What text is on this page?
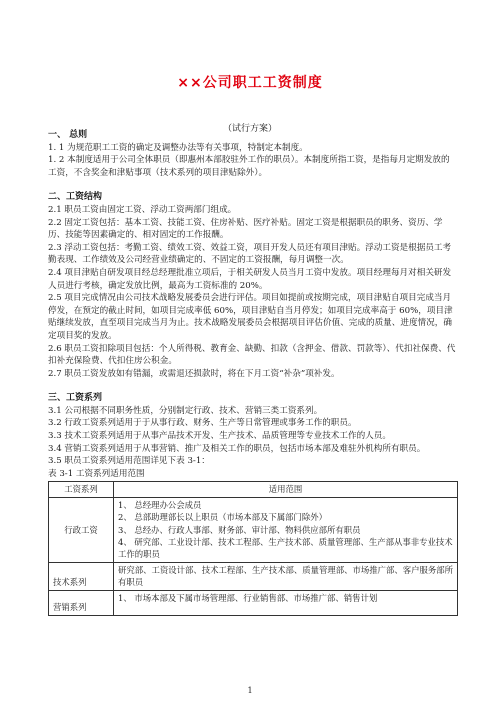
××公司职工工资制度
（试行方案）
一、 总则

1. 1 为规范职工工资的确定及调整办法等有关事项，特制定本制度。

1. 2 本制度适用于公司全体职员（即惠州本部胶驻外工作的职员）。本制度所指工资，是指每月定期发放的工资，不含奖金和津贴事项（技术系列的项目津贴除外）。

二、工资结构

2.1 职员工资由固定工资、浮动工资两部门组成。

2.2 固定工资包括：基本工资、技能工资、住房补贴、医疗补贴。固定工资是根据职员的职务、资历、学历、技能等因素确定的、相对固定的工作报酬。

2.3 浮动工资包括：考勤工资、绩效工资、效益工资，项目开发人员还有项目津贴。浮动工资是根据员工考勤表现、工作绩效及公司经营业绩确定的、不固定的工资报酬，每月调整一次。

2.4 项目津贴自研发项目经总经理批准立项后，于相关研发人员当月工资中发放。项目经理每月对相关研发人员进行考核，确定发放比例，最高为工资标准的 20%。

2.5 项目完成情况由公司技术战略发展委员会进行评估。项目如提前或按期完成，项目津贴自项目完成当月停发，在预定的截止时间，如项目完成率低 60%，项目津贴自当月停发；如项目完成率高于 60%，项目津贴继续发放，直至项目完成当月为止。技术战略发展委员会根据项目评估价值、完成的质量、进度情况，确定项目奖的发放。

2.6 职员工资扣除项目包括：个人所得税、教育金、缺勤、扣款（含押金、借款、罚款等）、代扣社保费、代扣补充保险费、代扣住房公积金。

2.7 职员工资发放如有错漏，或需退还损款时，将在下月工资“补杂”项补发。

三、工资系列

3.1 公司根据不同职务性质，分别制定行政、技术、营销三类工资系列。

3.2 行政工资系列适用于于从事行政、财务、生产等日常管理或事务工作的职员。

3.3 技术工资系列适用于从事产品技术开发、生产技术、品质管理等专业技术工作的人员。

3.4 营销工资系列适用于从事营销、推广及相关工作的职员，包括市场本部及难驻外机构所有职员。

3.5 职员工资系列适用范围详见下表 3-1：

表 3-1 工资系列适用范围
工资系列	适用范围
行政工资	1、 总经理办公会成员
2、 总部助理部长以上职员（市场本部及下属部门除外）
3、 总经办、行政人事部、财务部、审计部、物料供应部所有职员
4、 研究部、工业设计部、技术工程部、生产技术部、质量管理部、生产部从事非专业技术工作的职员

技术系列	研究部、工资设计部、技术工程部、生产技术部、质量管理部、市场推广部、客户服务部所有职员

营销系列	1、 市场本部及下属市场管理部、行业销售部、市场推广部、销售计划
1
